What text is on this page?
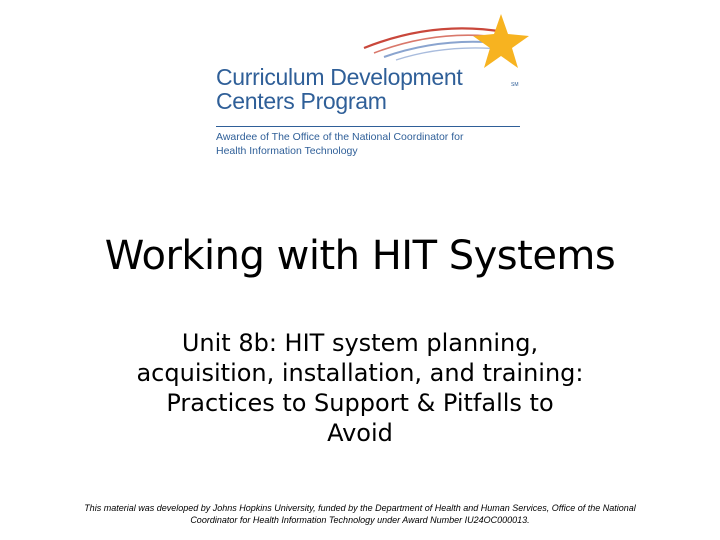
Curriculum Development
Centers Program
SM
Awardee of The Office of the National Coordinator for
Health Information Technology
Working with HIT Systems
Unit 8b: HIT system planning,
acquisition, installation, and training:
Practices to Support & Pitfalls to
Avoid
This material was developed by Johns Hopkins University, funded by the Department of Health and Human Services, Office of the National
Coordinator for Health Information Technology under Award Number IU24OC000013.
